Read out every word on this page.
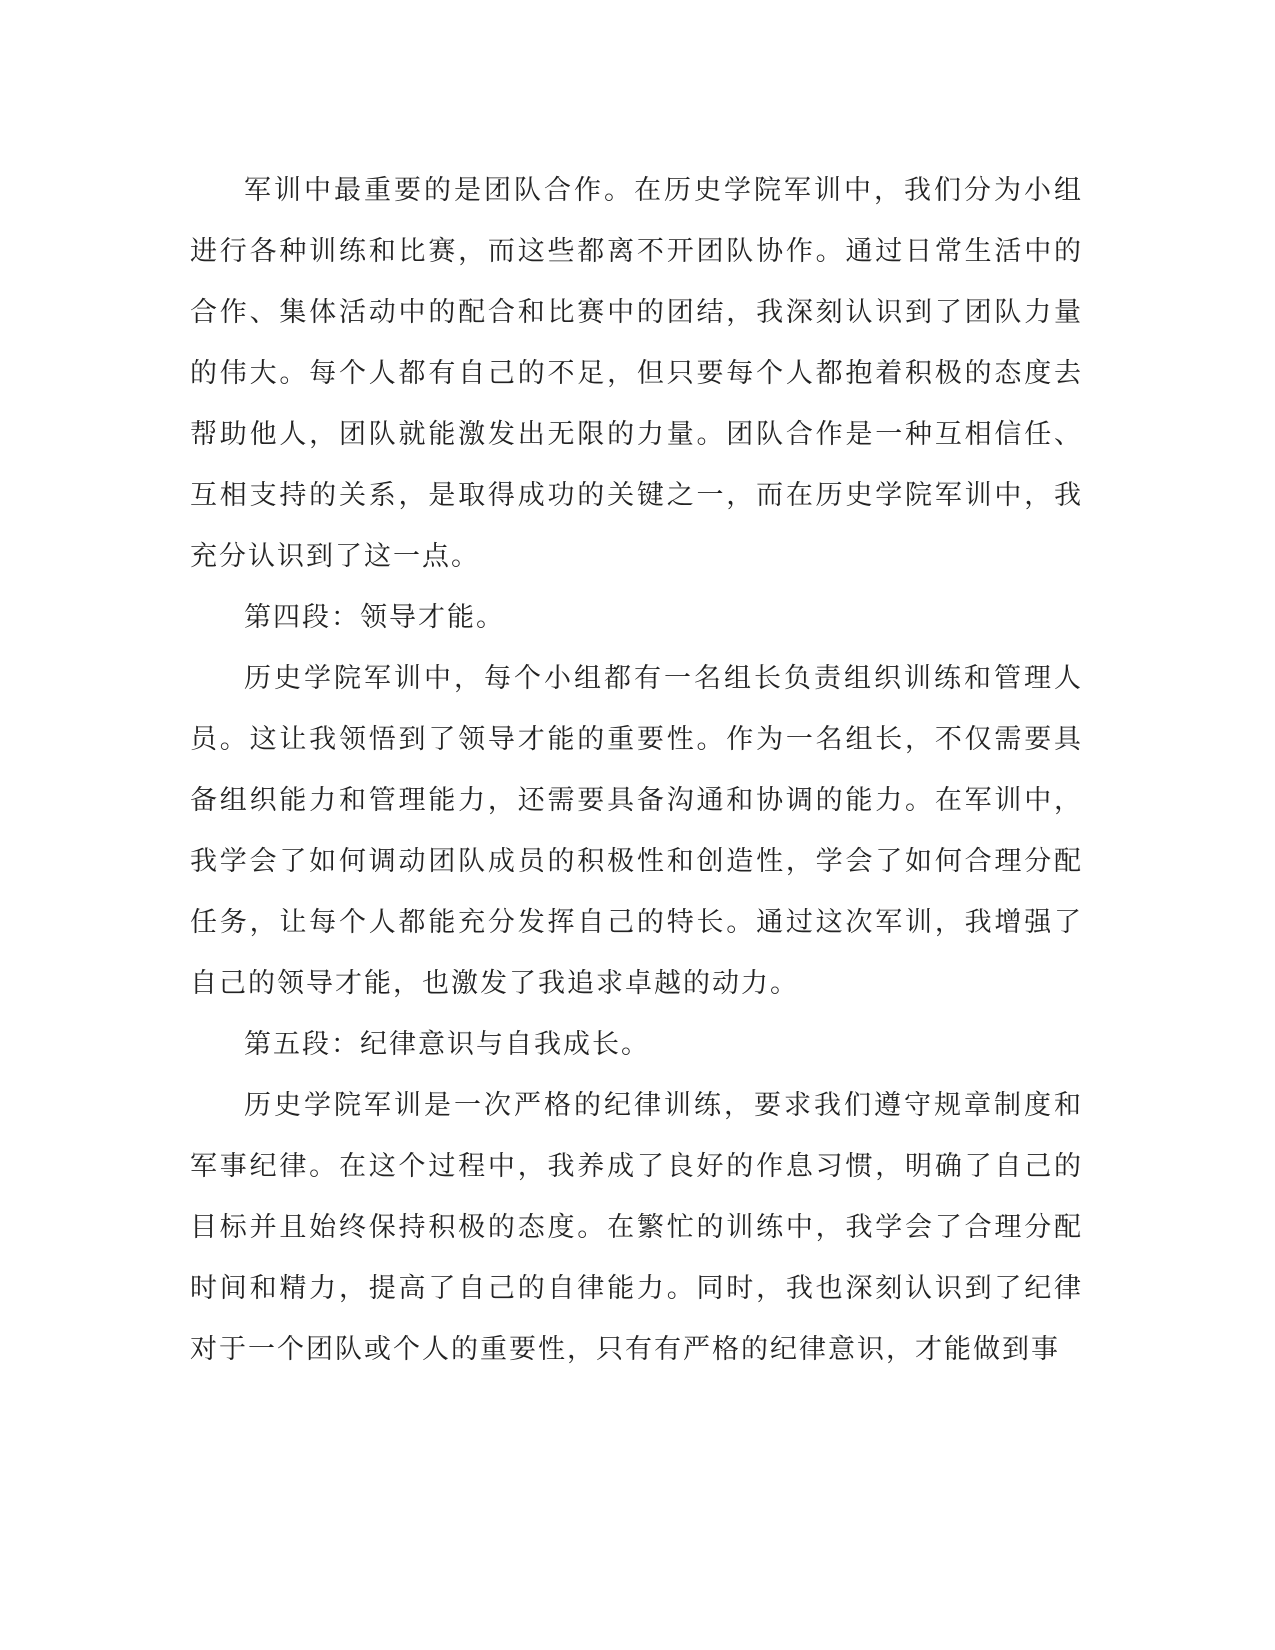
军训中最重要的是团队合作。在历史学院军训中，我们分为小组进行各种训练和比赛，而这些都离不开团队协作。通过日常生活中的合作、集体活动中的配合和比赛中的团结，我深刻认识到了团队力量的伟大。每个人都有自己的不足，但只要每个人都抱着积极的态度去帮助他人，团队就能激发出无限的力量。团队合作是一种互相信任、互相支持的关系，是取得成功的关键之一，而在历史学院军训中，我充分认识到了这一点。

第四段：领导才能。

历史学院军训中，每个小组都有一名组长负责组织训练和管理人员。这让我领悟到了领导才能的重要性。作为一名组长，不仅需要具备组织能力和管理能力，还需要具备沟通和协调的能力。在军训中，我学会了如何调动团队成员的积极性和创造性，学会了如何合理分配任务，让每个人都能充分发挥自己的特长。通过这次军训，我增强了自己的领导才能，也激发了我追求卓越的动力。

第五段：纪律意识与自我成长。

历史学院军训是一次严格的纪律训练，要求我们遵守规章制度和军事纪律。在这个过程中，我养成了良好的作息习惯，明确了自己的目标并且始终保持积极的态度。在繁忙的训练中，我学会了合理分配时间和精力，提高了自己的自律能力。同时，我也深刻认识到了纪律对于一个团队或个人的重要性，只有有严格的纪律意识，才能做到事
